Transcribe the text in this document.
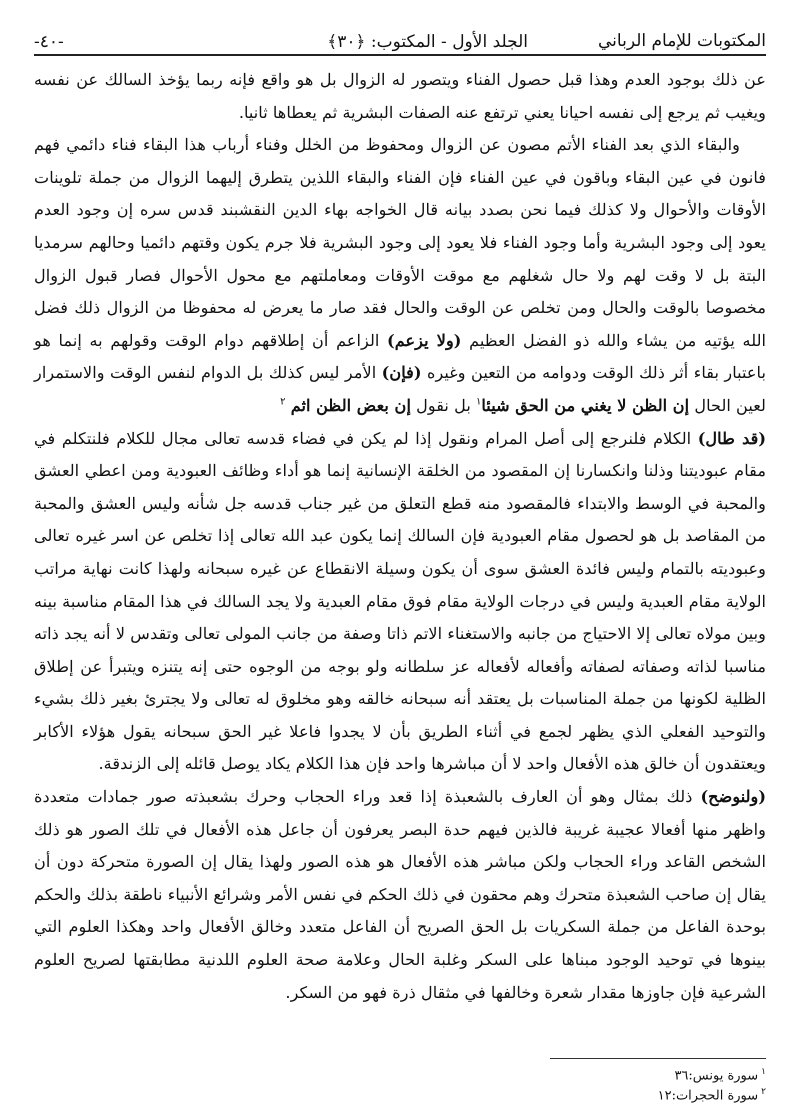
المكتوبات للإمام الرباني
الجلد الأول - المكتوب: ﴿٣٠﴾
-٤٠-

عن ذلك بوجود العدم وهذا قبل حصول الفناء ويتصور له الزوال بل هو واقع فإنه ربما يؤخذ السالك عن نفسه ويغيب ثم يرجع إلى نفسه احيانا يعني ترتفع عنه الصفات البشرية ثم يعطاها ثانيا.

والبقاء الذي بعد الفناء الأتم مصون عن الزوال ومحفوظ من الخلل وفناء أرباب هذا البقاء فناء دائمي فهم فانون في عين البقاء وباقون في عين الفناء فإن الفناء والبقاء اللذين يتطرق إليهما الزوال من جملة تلوينات الأوقات والأحوال ولا كذلك فيما نحن بصدد بيانه قال الخواجه بهاء الدين النقشبند قدس سره إن وجود العدم يعود إلى وجود البشرية وأما وجود الفناء فلا يعود إلى وجود البشرية فلا جرم يكون وقتهم دائميا وحالهم سرمديا البتة بل لا وقت لهم ولا حال شغلهم مع موقت الأوقات ومعاملتهم مع محول الأحوال فصار قبول الزوال مخصوصا بالوقت والحال ومن تخلص عن الوقت والحال فقد صار ما يعرض له محفوظا من الزوال ذلك فضل الله يؤتيه من يشاء والله ذو الفضل العظيم (ولا يزعم) الزاعم أن إطلاقهم دوام الوقت وقولهم به إنما هو باعتبار بقاء أثر ذلك الوقت ودوامه من التعين وغيره (فإن) الأمر ليس كذلك بل الدوام لنفس الوقت والاستمرار لعين الحال إن الظن لا يغني من الحق شيئا$^١$ بل نقول إن بعض الظن اثم $^٢$

(قد طال) الكلام فلنرجع إلى أصل المرام ونقول إذا لم يكن في فضاء قدسه تعالى مجال للكلام فلنتكلم في مقام عبوديتنا وذلنا وانكسارنا إن المقصود من الخلقة الإنسانية إنما هو أداء وظائف العبودية ومن اعطي العشق والمحبة في الوسط والابتداء فالمقصود منه قطع التعلق من غير جناب قدسه جل شأنه وليس العشق والمحبة من المقاصد بل هو لحصول مقام العبودية فإن السالك إنما يكون عبد الله تعالى إذا تخلص عن اسر غيره تعالى وعبوديته بالتمام وليس فائدة العشق سوى أن يكون وسيلة الانقطاع عن غيره سبحانه ولهذا كانت نهاية مراتب الولاية مقام العبدية وليس في درجات الولاية مقام فوق مقام العبدية ولا يجد السالك في هذا المقام مناسبة بينه وبين مولاه تعالى إلا الاحتياج من جانبه والاستغناء الاتم ذاتا وصفة من جانب المولى تعالى وتقدس لا أنه يجد ذاته مناسبا لذاته وصفاته لصفاته وأفعاله لأفعاله عز سلطانه ولو بوجه من الوجوه حتى إنه يتنزه ويتبرأ عن إطلاق الظلية لكونها من جملة المناسبات بل يعتقد أنه سبحانه خالقه وهو مخلوق له تعالى ولا يجترئ بغير ذلك بشيء والتوحيد الفعلي الذي يظهر لجمع في أثناء الطريق بأن لا يجدوا فاعلا غير الحق سبحانه يقول هؤلاء الأكابر ويعتقدون أن خالق هذه الأفعال واحد لا أن مباشرها واحد فإن هذا الكلام يكاد يوصل قائله إلى الزندقة.

(ولنوضح) ذلك بمثال وهو أن العارف بالشعبذة إذا قعد وراء الحجاب وحرك بشعبذته صور جمادات متعددة واظهر منها أفعالا عجيبة غريبة فالذين فيهم حدة البصر يعرفون أن جاعل هذه الأفعال في تلك الصور هو ذلك الشخص القاعد وراء الحجاب ولكن مباشر هذه الأفعال هو هذه الصور ولهذا يقال إن الصورة متحركة دون أن يقال إن صاحب الشعبذة متحرك وهم محقون في ذلك الحكم في نفس الأمر وشرائع الأنبياء ناطقة بذلك والحكم بوحدة الفاعل من جملة السكريات بل الحق الصريح أن الفاعل متعدد وخالق الأفعال واحد وهكذا العلوم التي بينوها في توحيد الوجود مبناها على السكر وغلبة الحال وعلامة صحة العلوم اللدنية مطابقتها لصريح العلوم الشرعية فإن جاوزها مقدار شعرة وخالفها في مثقال ذرة فهو من السكر.

$^١$سورة يونس:٣٦
$^٢$سورة الحجرات:١٢
